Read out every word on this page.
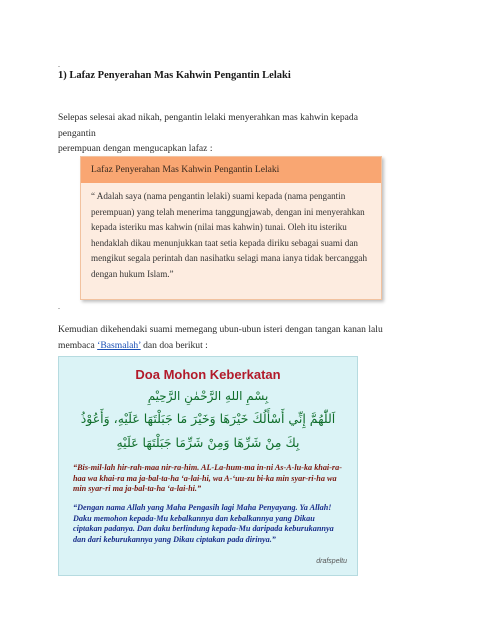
.
1) Lafaz Penyerahan Mas Kahwin Pengantin Lelaki
Selepas selesai akad nikah, pengantin lelaki menyerahkan mas kahwin kepada pengantin
perempuan dengan mengucapkan lafaz :
Lafaz Penyerahan Mas Kahwin Pengantin Lelaki
“ Adalah saya (nama pengantin lelaki) suami kepada (nama pengantin
perempuan) yang telah menerima tanggungjawab, dengan ini menyerahkan
kepada isteriku mas kahwin (nilai mas kahwin) tunai. Oleh itu isteriku
hendaklah dikau menunjukkan taat setia kepada diriku sebagai suami dan
mengikut segala perintah dan nasihatku selagi mana ianya tidak bercanggah
dengan hukum Islam.”
.
Kemudian dikehendaki suami memegang ubun-ubun isteri dengan tangan kanan lalu
membaca ‘Basmalah’ dan doa berikut :
Doa Mohon Keberkatan
بِسْمِ اللهِ الرَّحْمٰنِ الرَّحِيْمِ
اَللّٰهُمَّ إِنِّي أَسْأَلُكَ خَيْرَهَا وَخَيْرَ مَا جَبَلْتَهَا عَلَيْهِ، وَأَعُوْذُ
بِكَ مِنْ شَرِّهَا وَمِنْ شَرِّمَا جَبَلْتَهَا عَلَيْهِ
“Bis-mil-lah hir-rah-maa nir-ra-him. AL-La-hum-ma in-ni As-A-lu-ka khai-ra-haa wa khai-ra ma ja-bal-ta-ha ‘a-lai-hi, wa A-‘uu-zu bi-ka min syar-ri-ha wa min syar-ri ma ja-bal-ta-ha ‘a-lai-hi.”
“Dengan nama Allah yang Maha Pengasih lagi Maha Penyayang. Ya Allah! Daku memohon kepada-Mu kebalkannya dan kebalkannya yang Dikau ciptakan padanya. Dan daku berlindung kepada-Mu daripada keburukannya dan dari keburukannya yang Dikau ciptakan pada dirinya.”
drafspeltu
